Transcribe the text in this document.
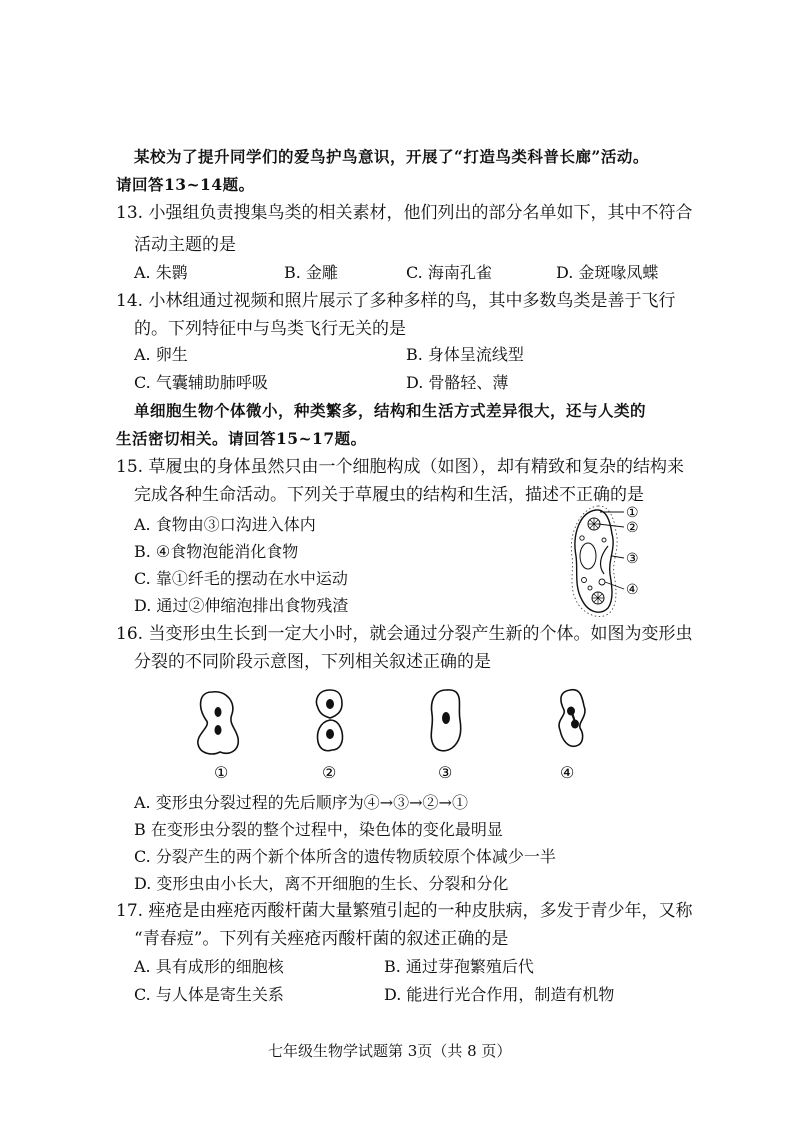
某校为了提升同学们的爱鸟护鸟意识，开展了“打造鸟类科普长廊”活动。
请回答13~14题。
13. 小强组负责搜集鸟类的相关素材，他们列出的部分名单如下，其中不符合
活动主题的是
A. 朱鹮	B. 金雕	C. 海南孔雀	D. 金斑喙凤蝶
14. 小林组通过视频和照片展示了多种多样的鸟，其中多数鸟类是善于飞行
的。下列特征中与鸟类飞行无关的是
A. 卵生	B. 身体呈流线型
C. 气囊辅助肺呼吸	D. 骨骼轻、薄
单细胞生物个体微小，种类繁多，结构和生活方式差异很大，还与人类的
生活密切相关。请回答15~17题。
15. 草履虫的身体虽然只由一个细胞构成（如图），却有精致和复杂的结构来
完成各种生命活动。下列关于草履虫的结构和生活，描述不正确的是
A. 食物由③口沟进入体内
B. ④食物泡能消化食物
C. 靠①纤毛的摆动在水中运动
D. 通过②伸缩泡排出食物残渣
①
②
③
④
16. 当变形虫生长到一定大小时，就会通过分裂产生新的个体。如图为变形虫
分裂的不同阶段示意图，下列相关叙述正确的是
①	②	③	④
A. 变形虫分裂过程的先后顺序为④→③→②→①
B 在变形虫分裂的整个过程中，染色体的变化最明显
C. 分裂产生的两个新个体所含的遗传物质较原个体减少一半
D. 变形虫由小长大，离不开细胞的生长、分裂和分化
17. 痤疮是由痤疮丙酸杆菌大量繁殖引起的一种皮肤病，多发于青少年，又称
“青春痘”。下列有关痤疮丙酸杆菌的叙述正确的是
A. 具有成形的细胞核	B. 通过芽孢繁殖后代
C. 与人体是寄生关系	D. 能进行光合作用，制造有机物
七年级生物学试题第 3页（共 8 页）
